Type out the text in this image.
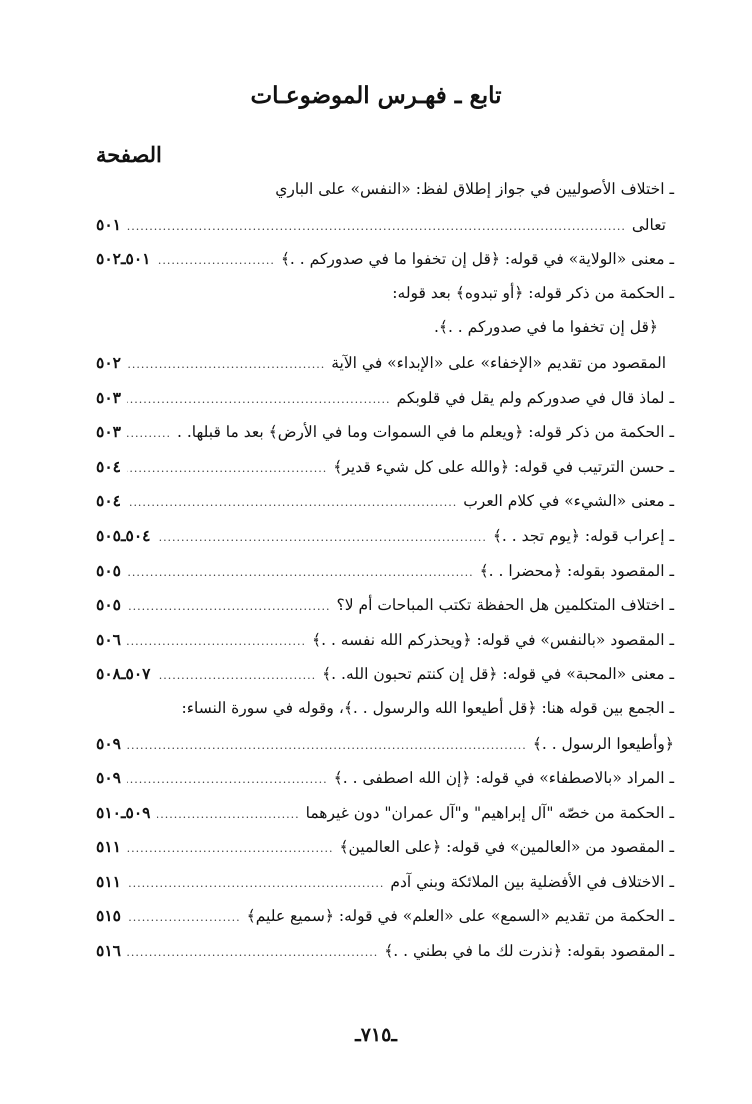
تابع ـ فهـرس الموضوعـات
الصفحة
ـ اختلاف الأصوليين في جواز إطلاق لفظ: «النفس» على الباري
تعالى
.....
٥٠١
ـ معنى «الولاية» في قوله: ﴿قل إن تخفوا ما في صدوركم . .﴾
.....
٥٠١ـ٥٠٢
ـ الحكمة من ذكر قوله: ﴿أو تبدوه﴾ بعد قوله:
﴿قل إن تخفوا ما في صدوركم . .﴾.
المقصود من تقديم «الإخفاء» على «الإبداء» في الآية
.....
٥٠٢
ـ لماذ قال في صدوركم ولم يقل في قلوبكم
.....
٥٠٣
ـ الحكمة من ذكر قوله: ﴿ويعلم ما في السموات وما في الأرض﴾ بعد ما قبلها. .
.....
٥٠٣
ـ حسن الترتيب في قوله: ﴿والله على كل شيء قدير﴾
.....
٥٠٤
ـ معنى «الشيء» في كلام العرب
.....
٥٠٤
ـ إعراب قوله: ﴿يوم تجد . .﴾
.....
٥٠٤ـ٥٠٥
ـ المقصود بقوله: ﴿محضرا . .﴾
.....
٥٠٥
ـ اختلاف المتكلمين هل الحفظة تكتب المباحات أم لا؟
.....
٥٠٥
ـ المقصود «بالنفس» في قوله: ﴿ويحذركم الله نفسه . .﴾
.....
٥٠٦
ـ معنى «المحبة» في قوله: ﴿قل إن كنتم تحبون الله. .﴾
.....
٥٠٧ـ٥٠٨
ـ الجمع بين قوله هنا: ﴿قل أطيعوا الله والرسول . .﴾، وقوله في سورة النساء:
﴿وأطيعوا الرسول . .﴾
.....
٥٠٩
ـ المراد «بالاصطفاء» في قوله: ﴿إن الله اصطفى . .﴾
.....
٥٠٩
ـ الحكمة من خصّه "آل إبراهيم" و"آل عمران" دون غيرهما
.....
٥٠٩ـ٥١٠
ـ المقصود من «العالمين» في قوله: ﴿على العالمين﴾
.....
٥١١
ـ الاختلاف في الأفضلية بين الملائكة وبني آدم
.....
٥١١
ـ الحكمة من تقديم «السمع» على «العلم» في قوله: ﴿سميع عليم﴾
.....
٥١٥
ـ المقصود بقوله: ﴿نذرت لك ما في بطني . .﴾
.....
٥١٦
ـ٧١٥ـ
